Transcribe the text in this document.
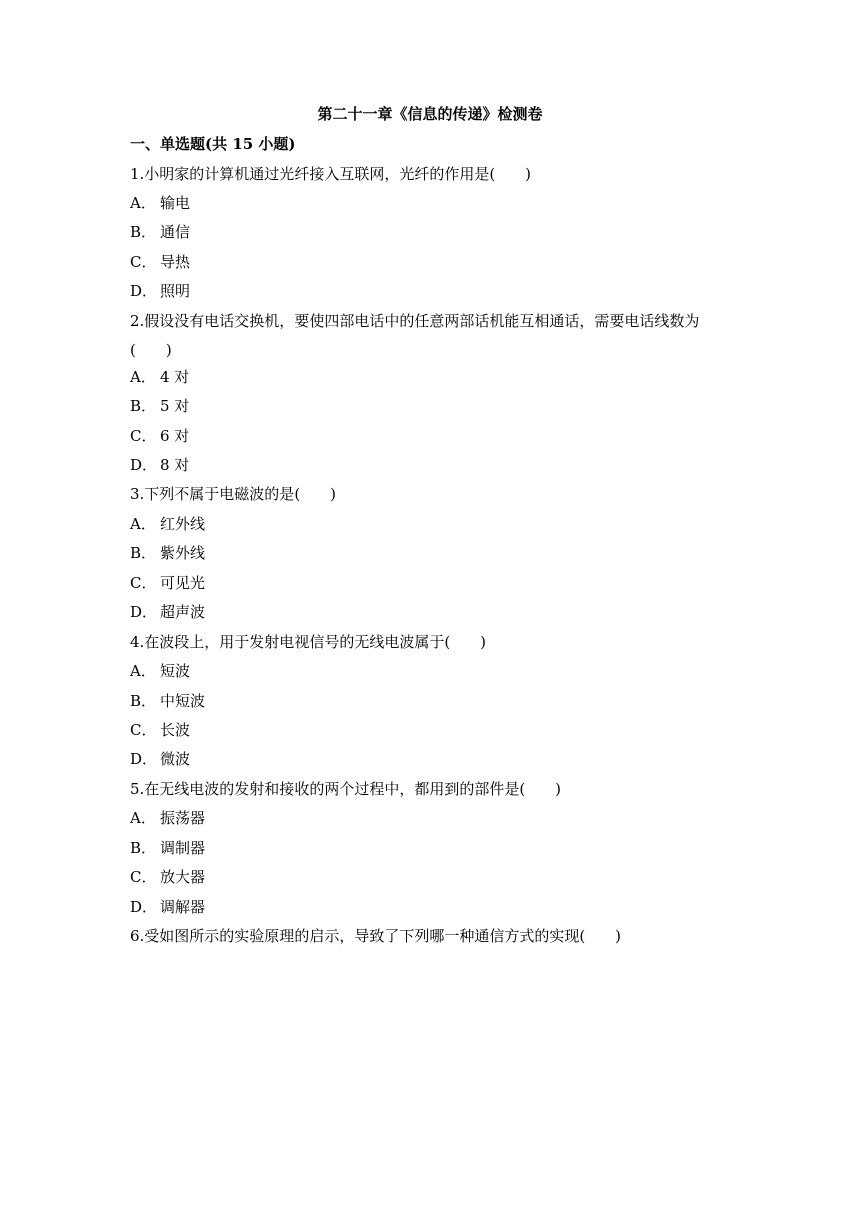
第二十一章《信息的传递》检测卷
一、单选题(共 15 小题)
1.小明家的计算机通过光纤接入互联网，光纤的作用是(　　)
A． 输电
B． 通信
C． 导热
D． 照明
2.假设没有电话交换机，要使四部电话中的任意两部话机能互相通话，需要电话线数为
(　　)
A． 4 对
B． 5 对
C． 6 对
D． 8 对
3.下列不属于电磁波的是(　　)
A． 红外线
B． 紫外线
C． 可见光
D． 超声波
4.在波段上，用于发射电视信号的无线电波属于(　　)
A． 短波
B． 中短波
C． 长波
D． 微波
5.在无线电波的发射和接收的两个过程中，都用到的部件是(　　)
A． 振荡器
B． 调制器
C． 放大器
D． 调解器
6.受如图所示的实验原理的启示，导致了下列哪一种通信方式的实现(　　)
